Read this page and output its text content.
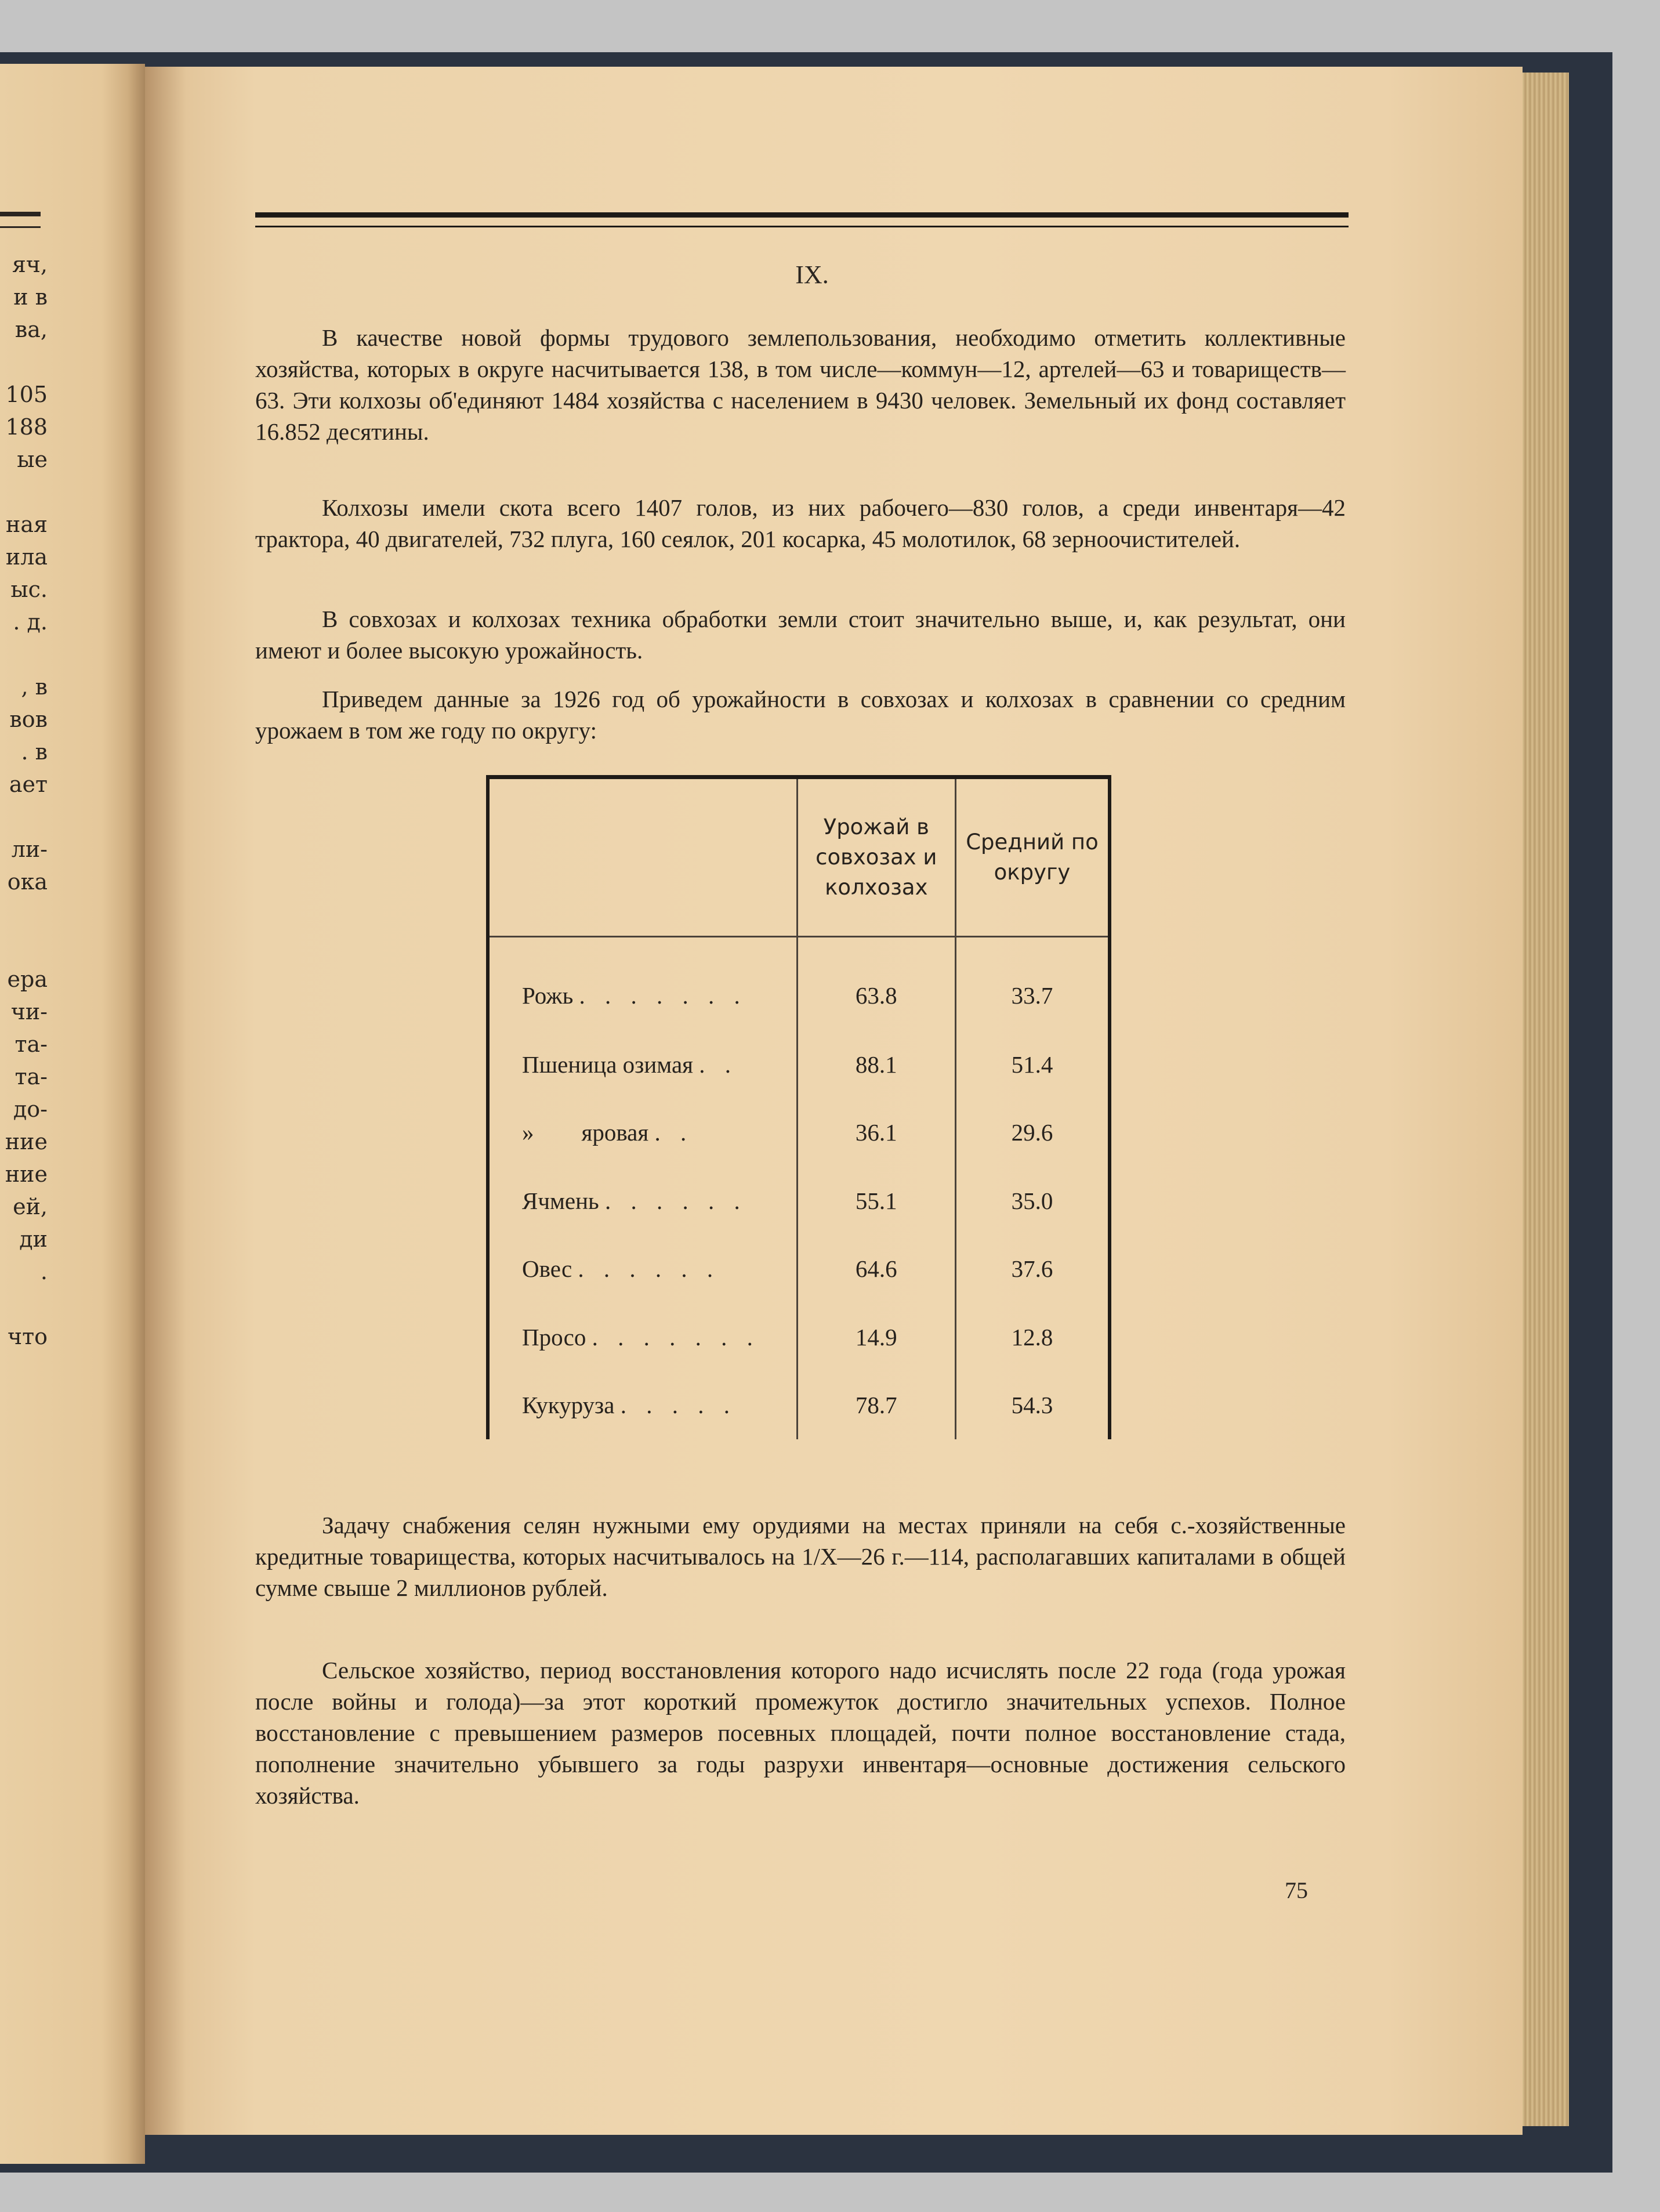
яч,
и в
ва,
105
188
ые
ная
ила
ыс.
. д.
, в
вов
. в
ает
ли-
ока
ера
чи-
та-
та-
до-
ние
ние
ей,
ди
.
что
IX.

В качестве новой формы трудового землепользования, необходимо отметить коллективные хозяйства, которых в округе насчитывается 138, в том числе—коммун—12, артелей—63 и товариществ—63. Эти колхозы об'единяют 1484 хозяйства с населением в 9430 человек. Земельный их фонд составляет 16.852 десятины.

Колхозы имели скота всего 1407 голов, из них рабочего—830 голов, а среди инвентаря—42 трактора, 40 двигателей, 732 плуга, 160 сеялок, 201 косарка, 45 молотилок, 68 зерноочистителей.

В совхозах и колхозах техника обработки земли стоит значительно выше, и, как результат, они имеют и более высокую урожайность.

Приведем данные за 1926 год об урожайности в совхозах и колхозах в сравнении со средним урожаем в том же году по округу:

	Урожай в совхозах и колхозах	Средний по округу
Рожь . . . . . . .	63.8	33.7
Пшеница озимая . .	88.1	51.4
»        яровая . .	36.1	29.6
Ячмень . . . . . .	55.1	35.0
Овес . . . . . .	64.6	37.6
Просо . . . . . . .	14.9	12.8
Кукуруза . . . . .	78.7	54.3

Задачу снабжения селян нужными ему орудиями на местах приняли на себя с.-хозяйственные кредитные товарищества, которых насчитывалось на 1/X—26 г.—114, располагавших капиталами в общей сумме свыше 2 миллионов рублей.

Сельское хозяйство, период восстановления которого надо исчислять после 22 года (года урожая после войны и голода)—за этот короткий промежуток достигло значительных успехов. Полное восстановление с превышением размеров посевных площадей, почти полное восстановление стада, пополнение значительно убывшего за годы разрухи инвентаря—основные достижения сельского хозяйства.

75
